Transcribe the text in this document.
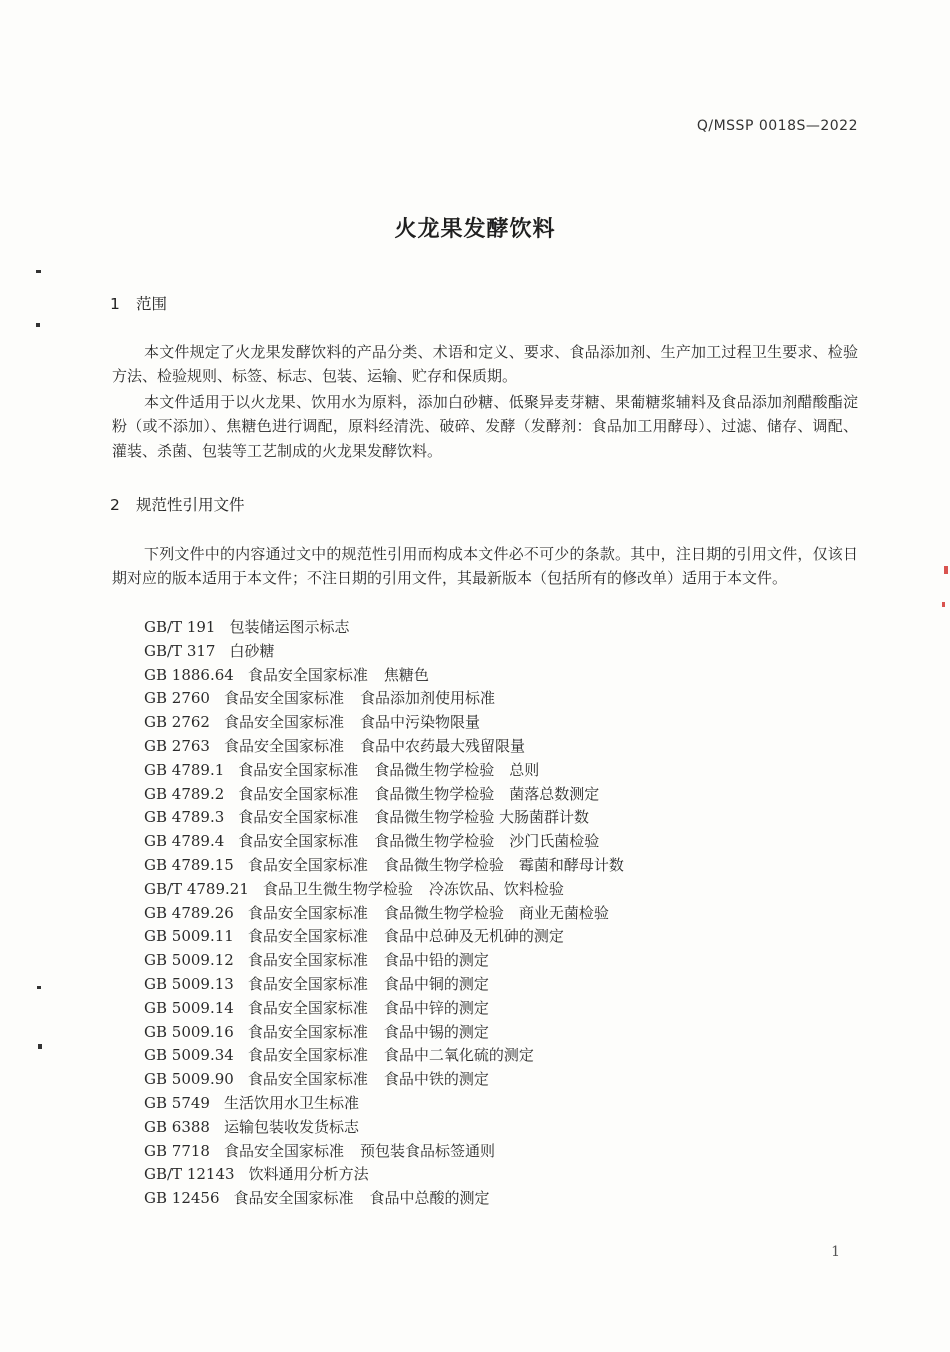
Q/MSSP 0018S—2022
火龙果发酵饮料
1 范围
本文件规定了火龙果发酵饮料的产品分类、术语和定义、要求、食品添加剂、生产加工过程卫生要求、检验方法、检验规则、标签、标志、包装、运输、贮存和保质期。
本文件适用于以火龙果、饮用水为原料，添加白砂糖、低聚异麦芽糖、果葡糖浆辅料及食品添加剂醋酸酯淀粉（或不添加）、焦糖色进行调配，原料经清洗、破碎、发酵（发酵剂：食品加工用酵母）、过滤、储存、调配、灌装、杀菌、包装等工艺制成的火龙果发酵饮料。
2 规范性引用文件
下列文件中的内容通过文中的规范性引用而构成本文件必不可少的条款。其中，注日期的引用文件，仅该日期对应的版本适用于本文件；不注日期的引用文件，其最新版本（包括所有的修改单）适用于本文件。
GB/T 191 包装储运图示标志
GB/T 317 白砂糖
GB 1886.64 食品安全国家标准 焦糖色
GB 2760 食品安全国家标准 食品添加剂使用标准
GB 2762 食品安全国家标准 食品中污染物限量
GB 2763 食品安全国家标准 食品中农药最大残留限量
GB 4789.1 食品安全国家标准 食品微生物学检验　总则
GB 4789.2 食品安全国家标准 食品微生物学检验　菌落总数测定
GB 4789.3 食品安全国家标准 食品微生物学检验 大肠菌群计数
GB 4789.4 食品安全国家标准 食品微生物学检验　沙门氏菌检验
GB 4789.15 食品安全国家标准 食品微生物学检验　霉菌和酵母计数
GB/T 4789.21 食品卫生微生物学检验 冷冻饮品、饮料检验
GB 4789.26 食品安全国家标准 食品微生物学检验　商业无菌检验
GB 5009.11 食品安全国家标准 食品中总砷及无机砷的测定
GB 5009.12 食品安全国家标准 食品中铅的测定
GB 5009.13 食品安全国家标准 食品中铜的测定
GB 5009.14 食品安全国家标准 食品中锌的测定
GB 5009.16 食品安全国家标准 食品中锡的测定
GB 5009.34 食品安全国家标准 食品中二氧化硫的测定
GB 5009.90 食品安全国家标准 食品中铁的测定
GB 5749 生活饮用水卫生标准
GB 6388 运输包装收发货标志
GB 7718 食品安全国家标准 预包装食品标签通则
GB/T 12143 饮料通用分析方法
GB 12456 食品安全国家标准 食品中总酸的测定
1
